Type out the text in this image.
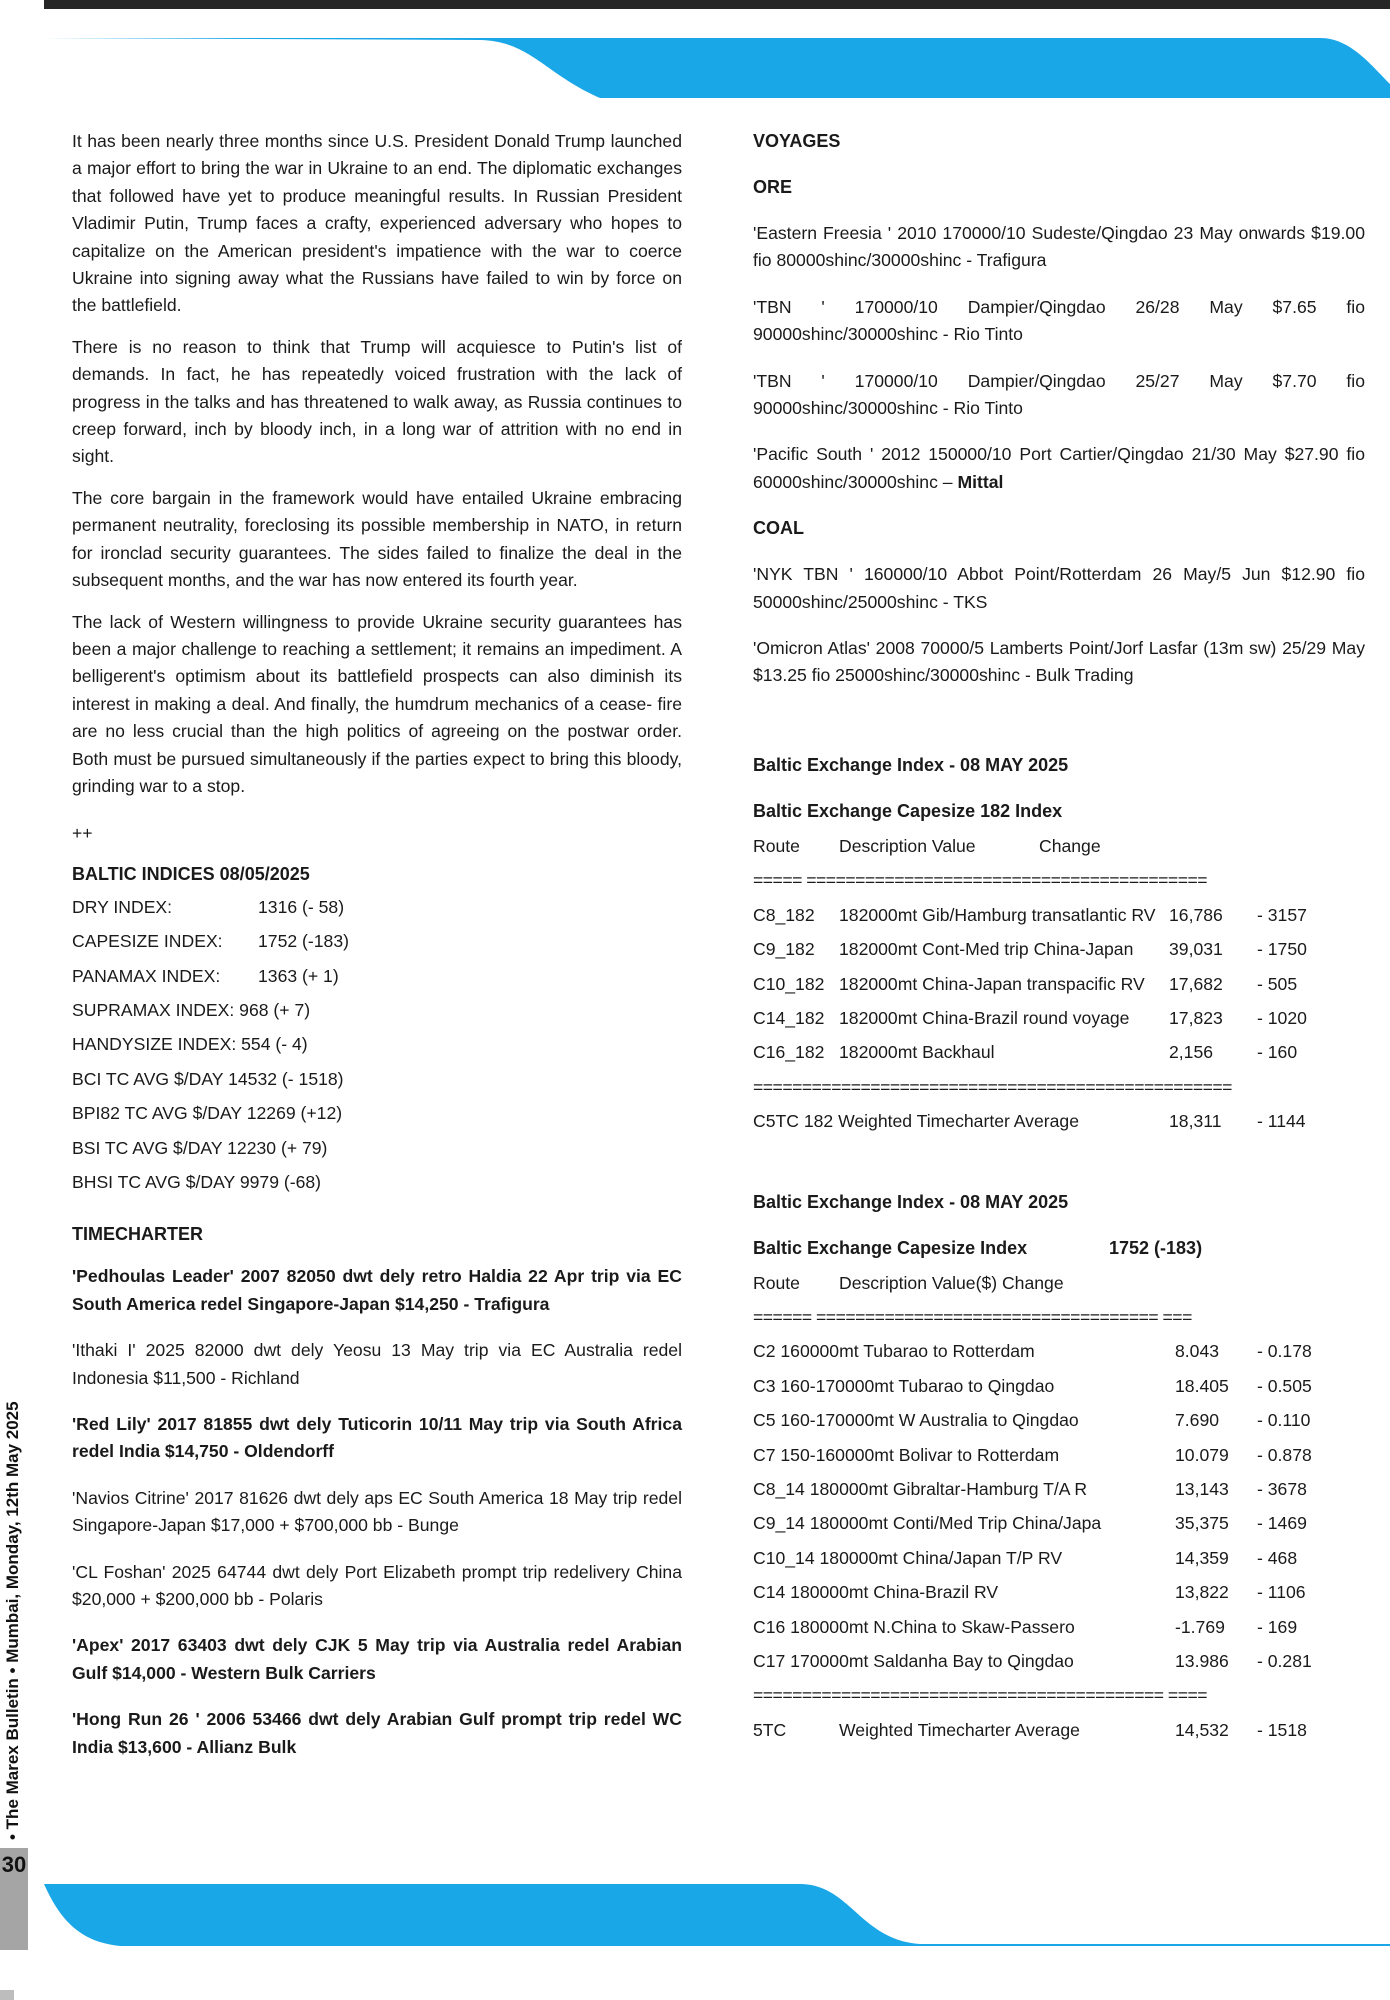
30
• The Marex Bulletin • Mumbai, Monday, 12th May 2025

It has been nearly three months since U.S. President Donald Trump launched a major effort to bring the war in Ukraine to an end. The diplomatic exchanges that followed have yet to produce meaningful results. In Russian President Vladimir Putin, Trump faces a crafty, experienced adversary who hopes to capitalize on the American president's impatience with the war to coerce Ukraine into signing away what the Russians have failed to win by force on the battlefield.

There is no reason to think that Trump will acquiesce to Putin's list of demands. In fact, he has repeatedly voiced frustration with the lack of progress in the talks and has threatened to walk away, as Russia continues to creep forward, inch by bloody inch, in a long war of attrition with no end in sight.

The core bargain in the framework would have entailed Ukraine embracing permanent neutrality, foreclosing its possible membership in NATO, in return for ironclad security guarantees. The sides failed to finalize the deal in the subsequent months, and the war has now entered its fourth year.

The lack of Western willingness to provide Ukraine security guarantees has been a major challenge to reaching a settlement; it remains an impediment. A belligerent's optimism about its battlefield prospects can also diminish its interest in making a deal. And finally, the humdrum mechanics of a cease- fire are no less crucial than the high politics of agreeing on the postwar order. Both must be pursued simultaneously if the parties expect to bring this bloody, grinding war to a stop.

++

BALTIC INDICES 08/05/2025

DRY INDEX:	1316 (- 58)
CAPESIZE INDEX:	1752 (-183)
PANAMAX INDEX:	1363 (+ 1)
SUPRAMAX INDEX: 968 (+ 7)
HANDYSIZE INDEX: 554 (- 4)
BCI TC AVG $/DAY 14532 (- 1518)
BPI82 TC AVG $/DAY 12269 (+12)
BSI TC AVG $/DAY 12230 (+ 79)
BHSI TC AVG $/DAY 9979 (-68)

TIMECHARTER

'Pedhoulas Leader' 2007 82050 dwt dely retro Haldia 22 Apr trip via EC South America redel Singapore-Japan $14,250 - Trafigura

'Ithaki I' 2025 82000 dwt dely Yeosu 13 May trip via EC Australia redel Indonesia $11,500 - Richland

'Red Lily' 2017 81855 dwt dely Tuticorin 10/11 May trip via South Africa redel India $14,750 - Oldendorff

'Navios Citrine' 2017 81626 dwt dely aps EC South America 18 May trip redel Singapore-Japan $17,000 + $700,000 bb - Bunge

'CL Foshan' 2025 64744 dwt dely Port Elizabeth prompt trip redelivery China $20,000 + $200,000 bb - Polaris

'Apex' 2017 63403 dwt dely CJK 5 May trip via Australia redel Arabian Gulf $14,000 - Western Bulk Carriers

'Hong Run 26 ' 2006 53466 dwt dely Arabian Gulf prompt trip redel WC India $13,600 - Allianz Bulk

VOYAGES

ORE

'Eastern Freesia ' 2010 170000/10 Sudeste/Qingdao 23 May onwards $19.00 fio 80000shinc/30000shinc - Trafigura

'TBN ' 170000/10 Dampier/Qingdao 26/28 May $7.65 fio 90000shinc/30000shinc - Rio Tinto

'TBN ' 170000/10 Dampier/Qingdao 25/27 May $7.70 fio 90000shinc/30000shinc - Rio Tinto

'Pacific South ' 2012 150000/10 Port Cartier/Qingdao 21/30 May $27.90 fio 60000shinc/30000shinc – Mittal

COAL

'NYK TBN ' 160000/10 Abbot Point/Rotterdam 26 May/5 Jun $12.90 fio 50000shinc/25000shinc - TKS

'Omicron Atlas' 2008 70000/5 Lamberts Point/Jorf Lasfar (13m sw) 25/29 May $13.25 fio 25000shinc/30000shinc - Bulk Trading

Baltic Exchange Index - 08 MAY 2025

Baltic Exchange Capesize 182 Index

Route	Description Value	Change
===== =========================================
C8_182	182000mt Gib/Hamburg transatlantic RV 16,786	- 3157
C9_182	182000mt Cont-Med trip China-Japan	39,031	- 1750
C10_182 182000mt China-Japan transpacific RV	17,682	- 505
C14_182 182000mt China-Brazil round voyage	17,823	- 1020
C16_182 182000mt Backhaul	2,156	- 160
=================================================
C5TC 182 Weighted Timecharter Average	18,311	- 1144

Baltic Exchange Index - 08 MAY 2025

Baltic Exchange Capesize Index	1752 (-183)
Route	Description Value($) Change
====== =================================== ===
C2 160000mt Tubarao to Rotterdam	8.043	- 0.178
C3 160-170000mt Tubarao to Qingdao	18.405	- 0.505
C5 160-170000mt W Australia to Qingdao	7.690	- 0.110
C7 150-160000mt Bolivar to Rotterdam	10.079	- 0.878
C8_14 180000mt Gibraltar-Hamburg T/A R	13,143	- 3678
C9_14 180000mt Conti/Med Trip China/Japa	35,375	- 1469
C10_14 180000mt China/Japan T/P RV	14,359	- 468
C14 180000mt China-Brazil RV	13,822	- 1106
C16 180000mt N.China to Skaw-Passero	-1.769	- 169
C17 170000mt Saldanha Bay to Qingdao	13.986	- 0.281
========================================== ====
5TC	Weighted Timecharter Average	14,532	- 1518
